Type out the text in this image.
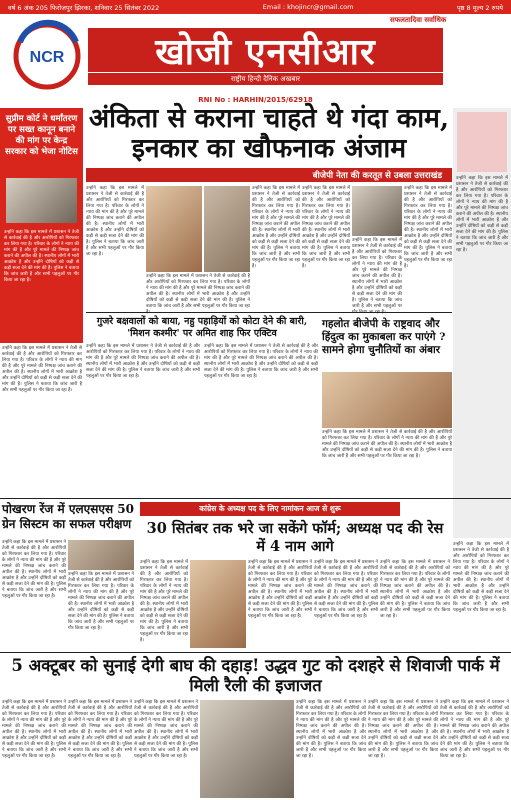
वर्ष 6 अंक 205 फिरोजपुर झिरका, शनिवार 25 सितंबर 2022	Email : khojincr@gmail.com	पृष्ठ 8 मूल्य 2 रुपये
NCR
सफलतादिवा सर्वाधिक
खोजी एनसीआर
राष्ट्रीय हिन्दी दैनिक अखबार
RNI No : HARHIN/2015/62918
सुप्रीम कोर्ट ने धर्मांतरण पर सख्त कानून बनाने की मांग पर केन्द्र सरकार को भेजा नोटिस
उन्होंने कहा कि इस मामले में प्रशासन ने तेजी से कार्रवाई की है और आरोपियों को गिरफ्तार कर लिया गया है। परिवार के लोगों ने न्याय की मांग की है और पूरे मामले की निष्पक्ष जांच कराने की अपील की है। स्थानीय लोगों में भारी आक्रोश है और उन्होंने दोषियों को कड़ी से कड़ी सजा देने की मांग की है। पुलिस ने बताया कि जांच जारी है और सभी पहलुओं पर गौर किया जा रहा है।
उन्होंने कहा कि इस मामले में प्रशासन ने तेजी से कार्रवाई की है और आरोपियों को गिरफ्तार कर लिया गया है। परिवार के लोगों ने न्याय की मांग की है और पूरे मामले की निष्पक्ष जांच कराने की अपील की है। स्थानीय लोगों में भारी आक्रोश है और उन्होंने दोषियों को कड़ी से कड़ी सजा देने की मांग की है। पुलिस ने बताया कि जांच जारी है और सभी पहलुओं पर गौर किया जा रहा है।
अंकिता से कराना चाहते थे गंदा काम, इनकार का खौफनाक अंजाम
बीजेपी नेता की करतूत से उबला उत्तराखंड
उन्होंने कहा कि इस मामले में प्रशासन ने तेजी से कार्रवाई की है और आरोपियों को गिरफ्तार कर लिया गया है। परिवार के लोगों ने न्याय की मांग की है और पूरे मामले की निष्पक्ष जांच कराने की अपील की है। स्थानीय लोगों में भारी आक्रोश है और उन्होंने दोषियों को कड़ी से कड़ी सजा देने की मांग की है। पुलिस ने बताया कि जांच जारी है और सभी पहलुओं पर गौर किया जा रहा है।
उन्होंने कहा कि इस मामले में प्रशासन ने तेजी से कार्रवाई की है और आरोपियों को गिरफ्तार कर लिया गया है। परिवार के लोगों ने न्याय की मांग की है और पूरे मामले की निष्पक्ष जांच कराने की अपील की है। स्थानीय लोगों में भारी आक्रोश है और उन्होंने दोषियों को कड़ी से कड़ी सजा देने की मांग की है। पुलिस ने बताया कि जांच जारी है और सभी पहलुओं पर गौर किया जा रहा
उन्होंने कहा कि इस मामले में प्रशासन ने तेजी से कार्रवाई की है और आरोपियों को गिरफ्तार कर लिया गया है। परिवार के लोगों ने न्याय की मांग की है और पूरे मामले की निष्पक्ष जांच कराने की अपील की है। स्थानीय लोगों में भारी आक्रोश है और उन्होंने दोषियों को कड़ी से कड़ी सजा देने की मांग की है। पुलिस ने बताया कि जांच जारी है और सभी पहलुओं पर गौर किया जा रहा है।
उन्होंने कहा कि इस मामले में प्रशासन ने तेजी से कार्रवाई की है और आरोपियों को गिरफ्तार कर लिया गया है। परिवार के लोगों ने न्याय की मांग की है और पूरे मामले की निष्पक्ष जांच कराने की अपील की है। स्थानीय लोगों में भारी आक्रोश है और उन्होंने दोषियों को कड़ी से कड़ी सजा देने की मांग की है। पुलिस ने बताया कि जांच जारी है और सभी पहलुओं पर गौर किया जा रहा है।
उन्होंने कहा कि इस मामले में प्रशासन ने तेजी से कार्रवाई की है और आरोपियों को गिरफ्तार कर लिया गया है। परिवार के लोगों ने न्याय की मांग की है और पूरे मामले की निष्पक्ष जांच कराने की अपील की है। स्थानीय लोगों में भारी आक्रोश है और उन्होंने दोषियों को कड़ी से कड़ी सजा देने की मांग की है। पुलिस ने बताया कि जांच जारी है और सभी पहलुओं पर
उन्होंने कहा कि इस मामले में प्रशासन ने तेजी से कार्रवाई की है और आरोपियों को गिरफ्तार कर लिया गया है। परिवार के लोगों ने न्याय की मांग की है और पूरे मामले की निष्पक्ष जांच कराने की अपील की है। स्थानीय लोगों में भारी आक्रोश है और उन्होंने दोषियों को कड़ी से कड़ी सजा देने की मांग की है। पुलिस ने बताया कि जांच जारी है और सभी पहलुओं पर गौर किया जा रहा है।
गुजरे बक्षवालों को बाया, नहु पहाड़ियों को कोटा देने की बारी, 'मिशन कश्मीर' पर अमित शाह फिर एक्टिव
उन्होंने कहा कि इस मामले में प्रशासन ने तेजी से कार्रवाई की है और आरोपियों को गिरफ्तार कर लिया गया है। परिवार के लोगों ने न्याय की मांग की है और पूरे मामले की निष्पक्ष जांच कराने की अपील की है। स्थानीय लोगों में भारी आक्रोश है और उन्होंने दोषियों को कड़ी से कड़ी सजा देने की मांग की है। पुलिस ने बताया कि जांच जारी है और सभी पहलुओं पर गौर किया जा रहा है।
उन्होंने कहा कि इस मामले में प्रशासन ने तेजी से कार्रवाई की है और आरोपियों को गिरफ्तार कर लिया गया है। परिवार के लोगों ने न्याय की मांग की है और पूरे मामले की निष्पक्ष जांच कराने की अपील की है। स्थानीय लोगों में भारी आक्रोश है और उन्होंने दोषियों को कड़ी से कड़ी सजा देने की मांग की है। पुलिस ने बताया कि जांच जारी है और सभी पहलुओं पर गौर किया जा रहा है।
गहलोत बीजेपी के राष्ट्रवाद और हिंदुत्व का मुकाबला कर पाएंगे ? सामने होगा चुनौतियों का अंबार
उन्होंने कहा कि इस मामले में प्रशासन ने तेजी से कार्रवाई की है और आरोपियों को गिरफ्तार कर लिया गया है। परिवार के लोगों ने न्याय की मांग की है और पूरे मामले की निष्पक्ष जांच कराने की अपील की है। स्थानीय लोगों में भारी आक्रोश है और उन्होंने दोषियों को कड़ी से कड़ी सजा देने की मांग की है। पुलिस ने बताया कि जांच जारी है और सभी पहलुओं पर गौर किया जा रहा है।
उन्होंने कहा कि इस मामले में प्रशासन ने तेजी से कार्रवाई की है और आरोपियों को गिरफ्तार कर लिया गया है। परिवार के लोगों ने न्याय की मांग की है और पूरे मामले की निष्पक्ष जांच कराने की अपील की है। स्थानीय लोगों में भारी आक्रोश है और उन्होंने दोषियों को कड़ी से कड़ी सजा देने की मांग की है। पुलिस ने बताया कि जांच जारी है और सभी पहलुओं पर गौर किया जा रहा है।
पोखरण रेंज में एलएसएस 50 ग्रेन सिस्टम का सफल परीक्षण
उन्होंने कहा कि इस मामले में प्रशासन ने तेजी से कार्रवाई की है और आरोपियों को गिरफ्तार कर लिया गया है। परिवार के लोगों ने न्याय की मांग की है और पूरे मामले की निष्पक्ष जांच कराने की अपील की है। स्थानीय लोगों में भारी आक्रोश है और उन्होंने दोषियों को कड़ी से कड़ी सजा देने की मांग की है। पुलिस ने बताया कि जांच जारी है और सभी पहलुओं पर गौर किया जा रहा है।
उन्होंने कहा कि इस मामले में प्रशासन ने तेजी से कार्रवाई की है और आरोपियों को गिरफ्तार कर लिया गया है। परिवार के लोगों ने न्याय की मांग की है और पूरे मामले की निष्पक्ष जांच कराने की अपील की है। स्थानीय लोगों में भारी आक्रोश है और उन्होंने दोषियों को कड़ी से कड़ी सजा देने की मांग की है। पुलिस ने बताया कि जांच जारी है और सभी पहलुओं पर गौर किया जा रहा है।
कांग्रेस के अध्यक्ष पद के लिए नामांकन आज से शुरू
30 सितंबर तक भरे जा सकेंगे फॉर्म; अध्यक्ष पद की रेस में 4 नाम आगे
उन्होंने कहा कि इस मामले में प्रशासन ने तेजी से कार्रवाई की है और आरोपियों को गिरफ्तार कर लिया गया है। परिवार के लोगों ने न्याय की मांग की है और पूरे मामले की निष्पक्ष जांच कराने की अपील की है। स्थानीय लोगों में भारी आक्रोश है और उन्होंने दोषियों को कड़ी से कड़ी सजा देने की मांग की है। पुलिस ने बताया कि जांच जारी है और सभी पहलुओं पर गौर किया जा रहा है।
उन्होंने कहा कि इस मामले में प्रशासन ने तेजी से कार्रवाई की है और आरोपियों को गिरफ्तार कर लिया गया है। परिवार के लोगों ने न्याय की मांग की है और पूरे मामले की निष्पक्ष जांच कराने की अपील की है। स्थानीय लोगों में भारी आक्रोश है और उन्होंने दोषियों को कड़ी से कड़ी सजा देने की मांग की है। पुलिस ने बताया कि जांच जारी है और सभी पहलुओं पर गौर किया जा रहा है।
उन्होंने कहा कि इस मामले में प्रशासन ने तेजी से कार्रवाई की है और आरोपियों को गिरफ्तार कर लिया गया है। परिवार के लोगों ने न्याय की मांग की है और पूरे मामले की निष्पक्ष जांच कराने की अपील की है। स्थानीय लोगों में भारी आक्रोश है और उन्होंने दोषियों को कड़ी से कड़ी सजा देने की मांग की है। पुलिस ने बताया कि जांच जारी है और सभी पहलुओं पर गौर किया जा रहा है।
उन्होंने कहा कि इस मामले में प्रशासन ने तेजी से कार्रवाई की है और आरोपियों को गिरफ्तार कर लिया गया है। परिवार के लोगों ने न्याय की मांग की है और पूरे मामले की निष्पक्ष जांच कराने की अपील की है। स्थानीय लोगों में भारी आक्रोश है और उन्होंने दोषियों को कड़ी से कड़ी सजा देने की मांग की है। पुलिस ने बताया कि जांच जारी है और सभी पहलुओं पर गौर किया जा रहा है।
उन्होंने कहा कि इस मामले में प्रशासन ने तेजी से कार्रवाई की है और आरोपियों को गिरफ्तार कर लिया गया है। परिवार के लोगों ने न्याय की मांग की है और पूरे मामले की निष्पक्ष जांच कराने की अपील की है। स्थानीय लोगों में भारी आक्रोश है और उन्होंने दोषियों को कड़ी से कड़ी सजा देने की मांग की है। पुलिस ने बताया कि जांच जारी है और सभी पहलुओं पर गौर किया जा रहा है।
5 अक्टूबर को सुनाई देगी बाघ की दहाड़! उद्धव गुट को दशहरे से शिवाजी पार्क में मिली रैली की इजाजत
उन्होंने कहा कि इस मामले में प्रशासन ने तेजी से कार्रवाई की है और आरोपियों को गिरफ्तार कर लिया गया है। परिवार के लोगों ने न्याय की मांग की है और पूरे मामले की निष्पक्ष जांच कराने की अपील की है। स्थानीय लोगों में भारी आक्रोश है और उन्होंने दोषियों को कड़ी से कड़ी सजा देने की मांग की है। पुलिस ने बताया कि जांच जारी है और सभी पहलुओं पर गौर किया जा रहा है।
उन्होंने कहा कि इस मामले में प्रशासन ने तेजी से कार्रवाई की है और आरोपियों को गिरफ्तार कर लिया गया है। परिवार के लोगों ने न्याय की मांग की है और पूरे मामले की निष्पक्ष जांच कराने की अपील की है। स्थानीय लोगों में भारी आक्रोश है और उन्होंने दोषियों को कड़ी से कड़ी सजा देने की मांग की है। पुलिस ने बताया कि जांच जारी है और सभी पहलुओं पर गौर किया जा रहा है।
उन्होंने कहा कि इस मामले में प्रशासन ने तेजी से कार्रवाई की है और आरोपियों को गिरफ्तार कर लिया गया है। परिवार के लोगों ने न्याय की मांग की है और पूरे मामले की निष्पक्ष जांच कराने की अपील की है। स्थानीय लोगों में भारी आक्रोश है और उन्होंने दोषियों को कड़ी से कड़ी सजा देने की मांग की है। पुलिस ने बताया कि जांच जारी है और सभी पहलुओं पर गौर किया जा रहा है।
उन्होंने कहा कि इस मामले में प्रशासन ने तेजी से कार्रवाई की है और आरोपियों को गिरफ्तार कर लिया गया है। परिवार के लोगों ने न्याय की मांग की है और पूरे मामले की निष्पक्ष जांच कराने की अपील की है। स्थानीय लोगों में भारी आक्रोश है और उन्होंने दोषियों को कड़ी से कड़ी सजा देने की मांग की है। पुलिस ने बताया कि जांच जारी है और सभी पहलुओं पर गौर किया जा रहा है।
उन्होंने कहा कि इस मामले में प्रशासन ने तेजी से कार्रवाई की है और आरोपियों को गिरफ्तार कर लिया गया है। परिवार के लोगों ने न्याय की मांग की है और पूरे मामले की निष्पक्ष जांच कराने की अपील की है। स्थानीय लोगों में भारी आक्रोश है और उन्होंने दोषियों को कड़ी से कड़ी सजा देने की मांग की है। पुलिस ने बताया कि जांच जारी है और सभी पहलुओं पर गौर किया जा रहा है।
उन्होंने कहा कि इस मामले में प्रशासन ने तेजी से कार्रवाई की है और आरोपियों को गिरफ्तार कर लिया गया है। परिवार के लोगों ने न्याय की मांग की है और पूरे मामले की निष्पक्ष जांच कराने की अपील की है। स्थानीय लोगों में भारी आक्रोश है और उन्होंने दोषियों को कड़ी से कड़ी सजा देने की मांग की है। पुलिस ने बताया कि जांच जारी है और सभी पहलुओं पर गौर किया जा रहा है।
